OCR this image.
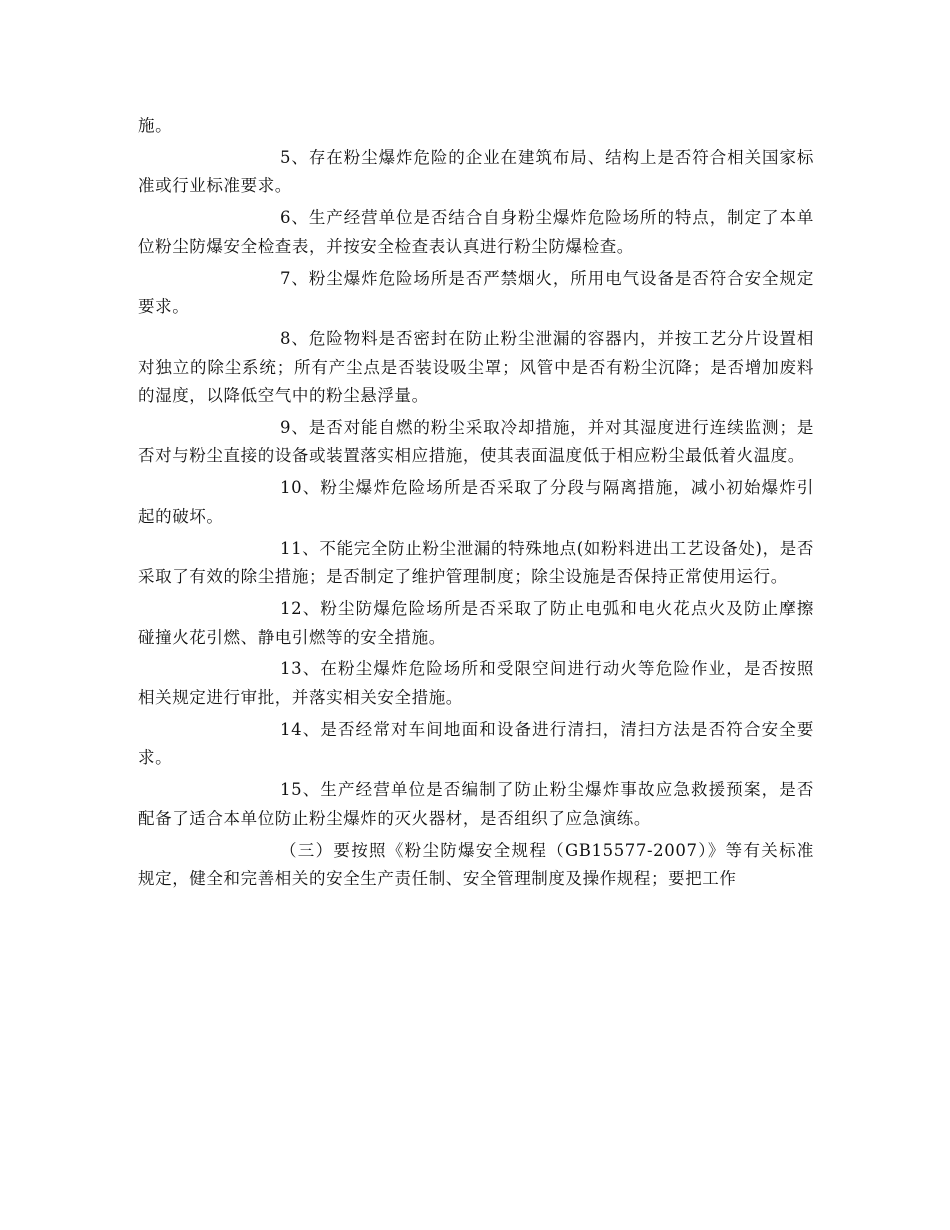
施。

5、存在粉尘爆炸危险的企业在建筑布局、结构上是否符合相关国家标准或行业标准要求。

6、生产经营单位是否结合自身粉尘爆炸危险场所的特点，制定了本单位粉尘防爆安全检查表，并按安全检查表认真进行粉尘防爆检查。

7、粉尘爆炸危险场所是否严禁烟火，所用电气设备是否符合安全规定要求。

8、危险物料是否密封在防止粉尘泄漏的容器内，并按工艺分片设置相对独立的除尘系统；所有产尘点是否装设吸尘罩；风管中是否有粉尘沉降；是否增加废料的湿度，以降低空气中的粉尘悬浮量。

9、是否对能自燃的粉尘采取冷却措施，并对其湿度进行连续监测；是否对与粉尘直接的设备或装置落实相应措施，使其表面温度低于相应粉尘最低着火温度。

10、粉尘爆炸危险场所是否采取了分段与隔离措施，减小初始爆炸引起的破坏。

11、不能完全防止粉尘泄漏的特殊地点(如粉料进出工艺设备处)，是否采取了有效的除尘措施；是否制定了维护管理制度；除尘设施是否保持正常使用运行。

12、粉尘防爆危险场所是否采取了防止电弧和电火花点火及防止摩擦碰撞火花引燃、静电引燃等的安全措施。

13、在粉尘爆炸危险场所和受限空间进行动火等危险作业，是否按照相关规定进行审批，并落实相关安全措施。

14、是否经常对车间地面和设备进行清扫，清扫方法是否符合安全要求。

15、生产经营单位是否编制了防止粉尘爆炸事故应急救援预案，是否配备了适合本单位防止粉尘爆炸的灭火器材，是否组织了应急演练。

（三）要按照《粉尘防爆安全规程（GB15577-2007）》等有关标准规定，健全和完善相关的安全生产责任制、安全管理制度及操作规程；要把工作
